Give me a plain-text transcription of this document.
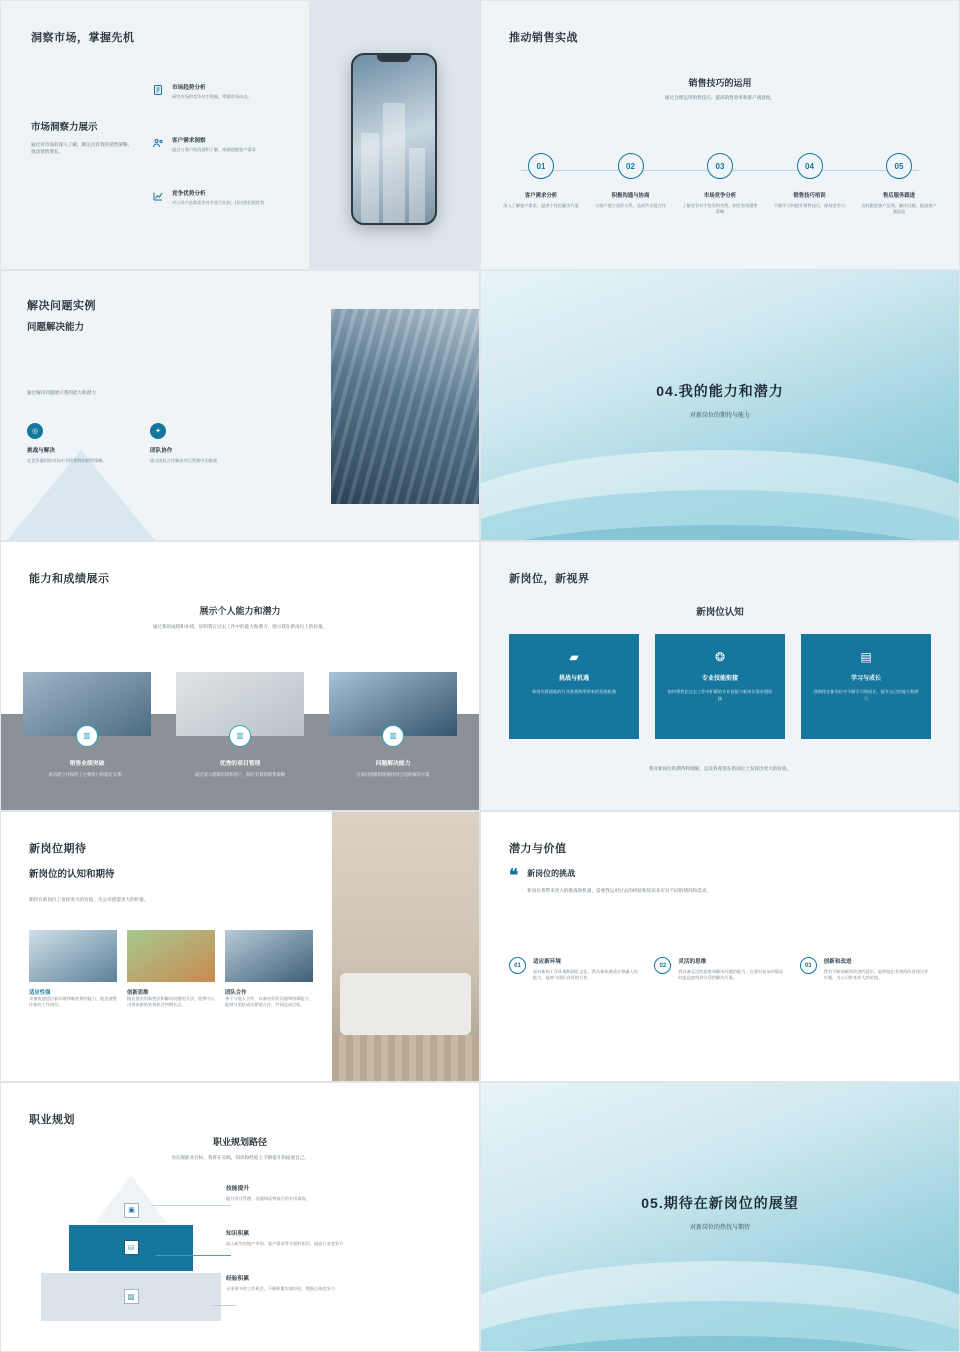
洞察市场，掌握先机
市场洞察力展示
通过对市场的深入了解，制定出有效的销售策略，推动销售增长。
市场趋势分析
研究市场和竞争对手数据，掌握市场动态。
客户需求洞察
通过与客户的沟通和了解，准确把握客户需求
竞争优势分析
对公司产品和竞争对手进行比较，找出我们的优势
推动销售实战
销售技巧的运用

通过合理运用销售技巧，提高销售效率和客户满意度。

01
客户需求分析
深入了解客户需求，提供个性化解决方案
02
积极沟通与协商
与客户建立良好关系，达成共识促合作
03
市场竞争分析
了解竞争对手优劣和劣势，制定有效销售策略
04
销售技巧培训
不断学习和提升销售技巧，保持竞争力
05
售后服务跟进
及时跟进客户反馈，解决问题，提高客户满意度
解决问题实例
问题解决能力
通过解决问题展示我的能力和潜力
◎
挑战与解决
在竞争激烈的市场中寻找独特的销售策略。
✦
团队协作
通过团队合作解决项目管理中的挑战
04.我的能力和潜力

对新岗位的期待与能力

能力和成绩展示
展示个人能力和潜力

通过我的成绩和业绩，证明我在过去工作中的能力和潜力，展示我在新岗位上的价值。

▥
销售业绩突破
成功建立并保持了主要客户的稳定关系。
▥
优秀的项目管理
通过深入理解市场和客户，制定有效的销售策略
▥
问题解决能力
在面对困难时能够找到合适的解决方案
新岗位，新视界
新岗位认知
▰
挑战与机遇
新岗位将面临的行业挑战和所带来的发展机遇
❂
专业技能衔接
如何将我在过去工作中积累的专业技能与新岗位需求相衔接
▤
学习与成长
我期待在新岗位中不断学习和成长，提升自己的能力和潜力
我对新岗位的期待和理解，以及我希望在新岗位上发挥出更大的价值。
新岗位期待
新岗位的认知和期待
期待在新岗位上发挥更大的价值，为公司创造更大的价值。
适应性强
具备快速适应新环境和新任务的能力，能迅速胜任新的工作岗位。
创新思维
擅长提出创新想法和解决问题的方法，能够为公司带来新的业务机会和增长点。
团队合作
善于与他人合作，具备良好的沟通和协调能力，能够与团队成员紧密合作，共同达成目标。
潜力与价值
❝ 新岗位的挑战
新岗位将带来更大的挑战和机遇，需要我运用过去的经验和知识来应对不同的情况和需求。
01
适应新环境
面对新的工作环境和团队文化，我具备快速适应和融入的能力，能够与团队良好的合作。
02
灵活的思维
我具备灵活的思维和解决问题的能力，在面对复杂的情况时能迅速找到合适的解决方案。
03
创新和改进
我有不断创新和改进的意识，能够提出有效的改进建议并实施，为公司带来更大的价值。
职业规划
职业规划路径

为实现职业目标，我将在实践、知识和经验上不断提升和拓展自己。

▣
⛁
▨
技能提升
提升项目管理、沟通和谈判技巧的专项训练。
知识积累
深入研究房地产市场、客户需求等方面的知识，提高行业竞争力
经验积累
寻求更多的工作机会，不断积累实战经验，增强自身竞争力
05.期待在新岗位的展望

对新岗位的热忱与期待
